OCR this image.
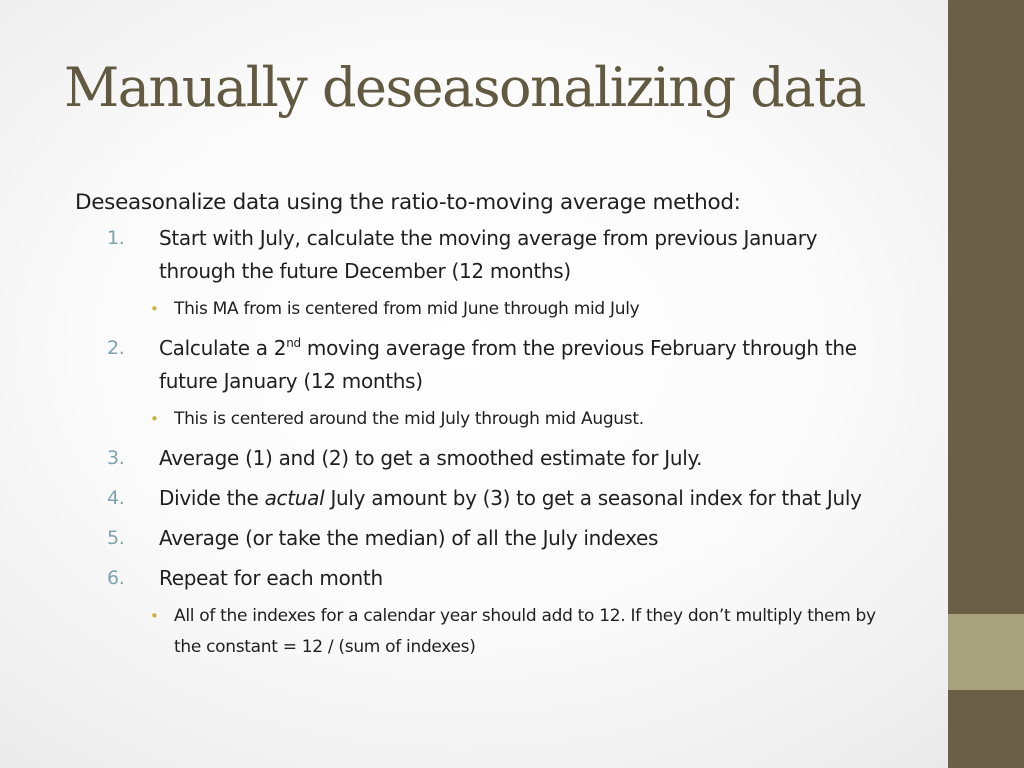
Manually deseasonalizing data

Deseasonalize data using the ratio-to-moving average method:

1. Start with July, calculate the moving average from previous January through the future December (12 months)
• This MA from is centered from mid June through mid July
2. Calculate a 2nd moving average from the previous February through the future January (12 months)
• This is centered around the mid July through mid August.
3. Average (1) and (2) to get a smoothed estimate for July.
4. Divide the actual July amount by (3) to get a seasonal index for that July
5. Average (or take the median) of all the July indexes
6. Repeat for each month
• All of the indexes for a calendar year should add to 12. If they don’t multiply them by the constant = 12 / (sum of indexes)
